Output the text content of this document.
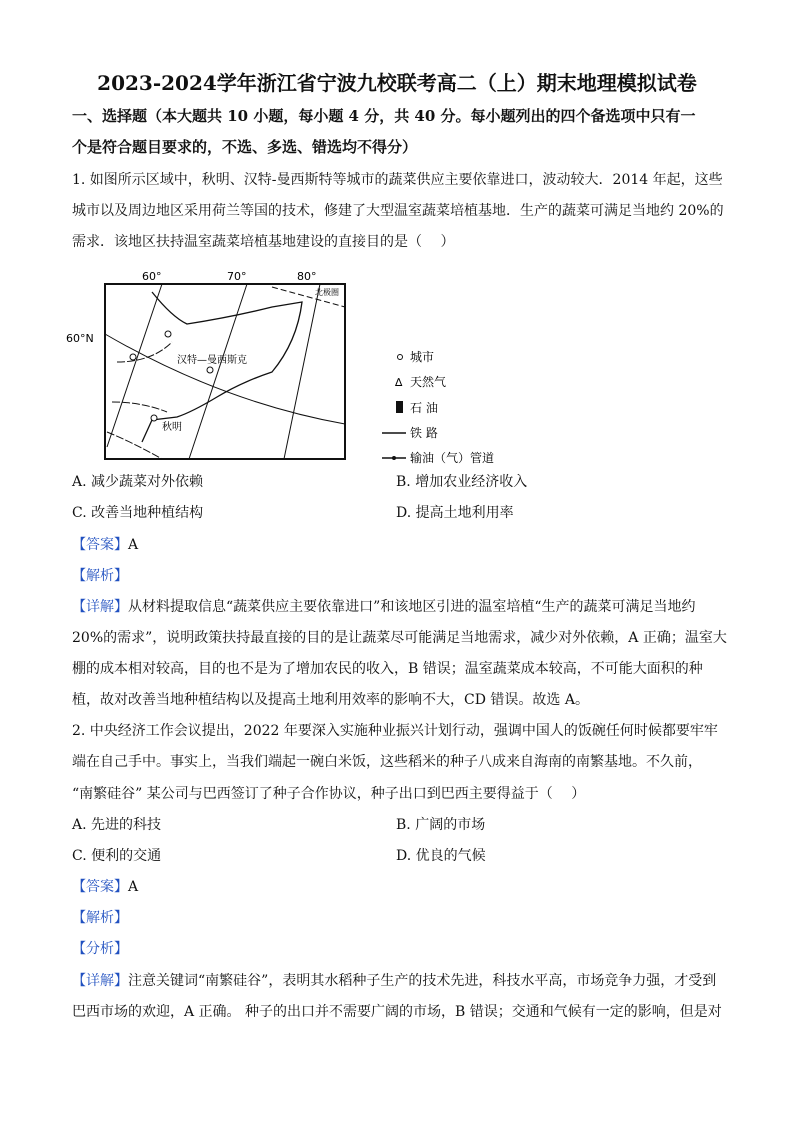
2023-2024学年浙江省宁波九校联考高二（上）期末地理模拟试卷
一、选择题（本大题共 10 小题，每小题 4 分，共 40 分。每小题列出的四个备选项中只有一
个是符合题目要求的，不选、多选、错选均不得分）
1. 如图所示区域中，秋明、汉特-曼西斯特等城市的蔬菜供应主要依靠进口，波动较大．2014 年起，这些
城市以及周边地区采用荷兰等国的技术，修建了大型温室蔬菜培植基地．生产的蔬菜可满足当地约 20%的
需求．该地区扶持温室蔬菜培植基地建设的直接目的是（　 ）
60°	70°	80°
60°N
北极圈
汉特—曼西斯克
秋明
城市
∆ 天然气
石 油
铁 路
输油（气）管道
A. 减少蔬菜对外依赖	B. 增加农业经济收入
C. 改善当地种植结构	D. 提高土地利用率
【答案】A
【解析】
【详解】从材料提取信息“蔬菜供应主要依靠进口”和该地区引进的温室培植“生产的蔬菜可满足当地约
20%的需求”，说明政策扶持最直接的目的是让蔬菜尽可能满足当地需求，减少对外依赖，A 正确；温室大
棚的成本相对较高，目的也不是为了增加农民的收入，B 错误；温室蔬菜成本较高，不可能大面积的种
植，故对改善当地种植结构以及提高土地利用效率的影响不大，CD 错误。故选 A。
2. 中央经济工作会议提出，2022 年要深入实施种业振兴计划行动，强调中国人的饭碗任何时候都要牢牢
端在自己手中。事实上，当我们端起一碗白米饭，这些稻米的种子八成来自海南的南繁基地。不久前，
“南繁硅谷” 某公司与巴西签订了种子合作协议，种子出口到巴西主要得益于（　 ）
A. 先进的科技	B. 广阔的市场
C. 便利的交通	D. 优良的气候
【答案】A
【解析】
【分析】
【详解】注意关键词“南繁硅谷”，表明其水稻种子生产的技术先进，科技水平高，市场竞争力强，才受到
巴西市场的欢迎，A 正确。 种子的出口并不需要广阔的市场，B 错误；交通和气候有一定的影响，但是对
